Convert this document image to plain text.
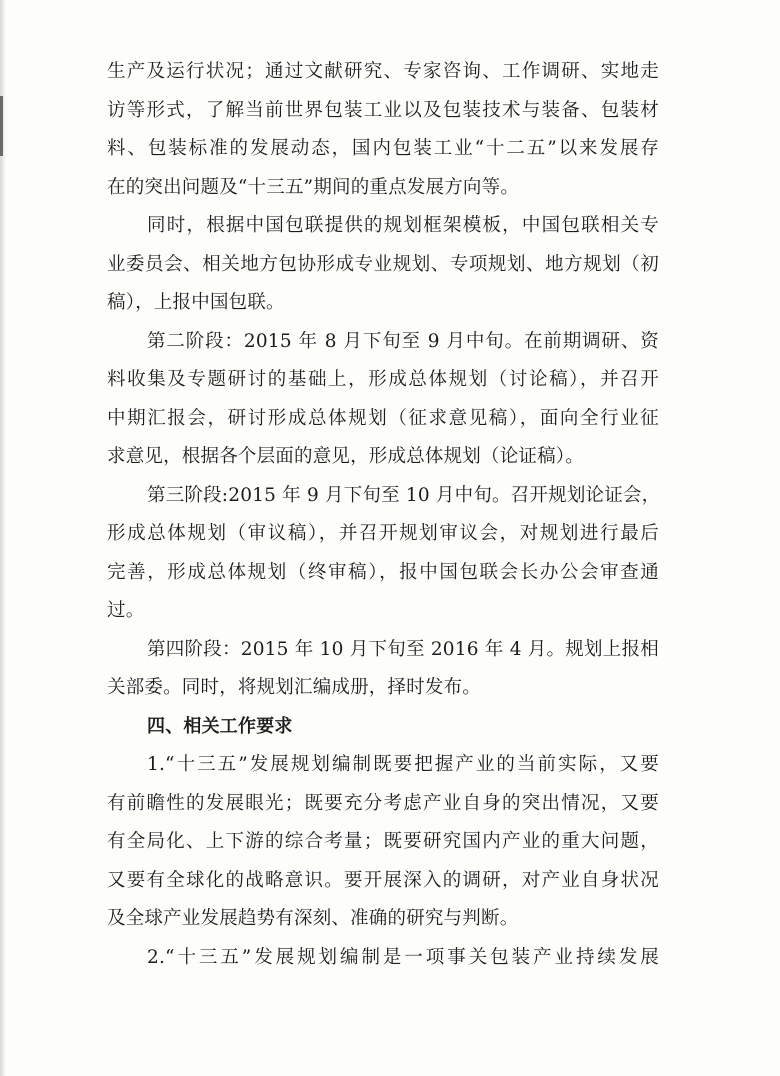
生产及运行状况；通过文献研究、专家咨询、工作调研、实地走
访等形式，了解当前世界包装工业以及包装技术与装备、包装材
料、包装标准的发展动态，国内包装工业“十二五”以来发展存
在的突出问题及“十三五”期间的重点发展方向等。
同时，根据中国包联提供的规划框架模板，中国包联相关专
业委员会、相关地方包协形成专业规划、专项规划、地方规划（初
稿），上报中国包联。
第二阶段：2015 年 8 月下旬至 9 月中旬。在前期调研、资
料收集及专题研讨的基础上，形成总体规划（讨论稿），并召开
中期汇报会，研讨形成总体规划（征求意见稿），面向全行业征
求意见，根据各个层面的意见，形成总体规划（论证稿）。
第三阶段:2015 年 9 月下旬至 10 月中旬。召开规划论证会，
形成总体规划（审议稿），并召开规划审议会，对规划进行最后
完善，形成总体规划（终审稿），报中国包联会长办公会审查通
过。
第四阶段：2015 年 10 月下旬至 2016 年 4 月。规划上报相
关部委。同时，将规划汇编成册，择时发布。
四、相关工作要求
1.“十三五”发展规划编制既要把握产业的当前实际，又要
有前瞻性的发展眼光；既要充分考虑产业自身的突出情况，又要
有全局化、上下游的综合考量；既要研究国内产业的重大问题，
又要有全球化的战略意识。要开展深入的调研，对产业自身状况
及全球产业发展趋势有深刻、准确的研究与判断。
2.“十三五”发展规划编制是一项事关包装产业持续发展
